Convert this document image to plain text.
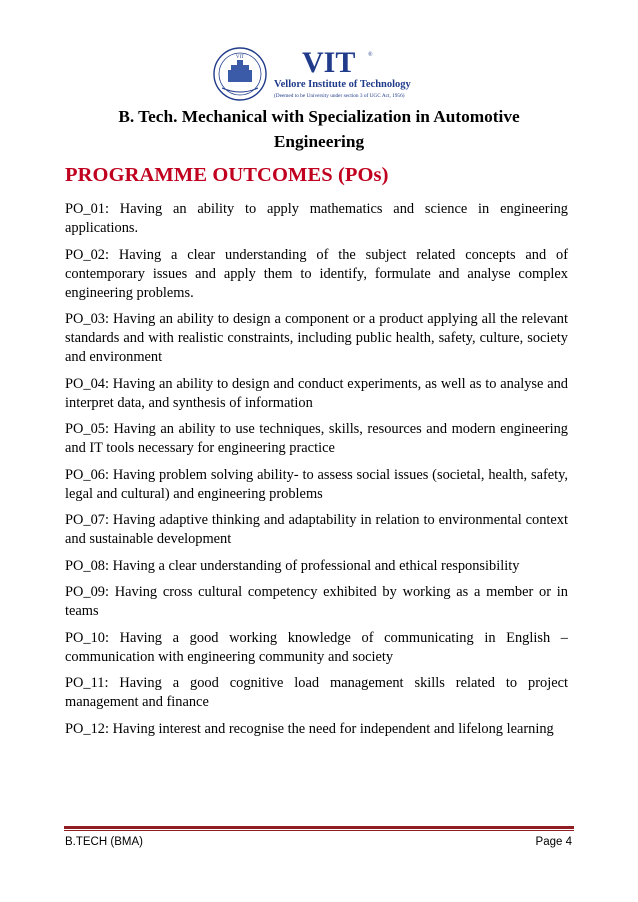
VIT VIT ®
Vellore Institute of Technology
(Deemed to be University under section 3 of UGC Act, 1956)
B. Tech. Mechanical with Specialization in Automotive
Engineering
PROGRAMME OUTCOMES (POs)

PO_01: Having an ability to apply mathematics and science in engineering applications.

PO_02: Having a clear understanding of the subject related concepts and of contemporary issues and apply them to identify, formulate and analyse complex engineering problems.

PO_03: Having an ability to design a component or a product applying all the relevant standards and with realistic constraints, including public health, safety, culture, society and environment

PO_04: Having an ability to design and conduct experiments, as well as to analyse and interpret data, and synthesis of information

PO_05: Having an ability to use techniques, skills, resources and modern engineering and IT tools necessary for engineering practice

PO_06: Having problem solving ability- to assess social issues (societal, health, safety, legal and cultural) and engineering problems

PO_07: Having adaptive thinking and adaptability in relation to environmental context and sustainable development

PO_08: Having a clear understanding of professional and ethical responsibility

PO_09: Having cross cultural competency exhibited by working as a member or in teams

PO_10: Having a good working knowledge of communicating in English – communication with engineering community and society

PO_11: Having a good cognitive load management skills related to project management and finance

PO_12: Having interest and recognise the need for independent and lifelong learning

B.TECH (BMA)	Page 4
